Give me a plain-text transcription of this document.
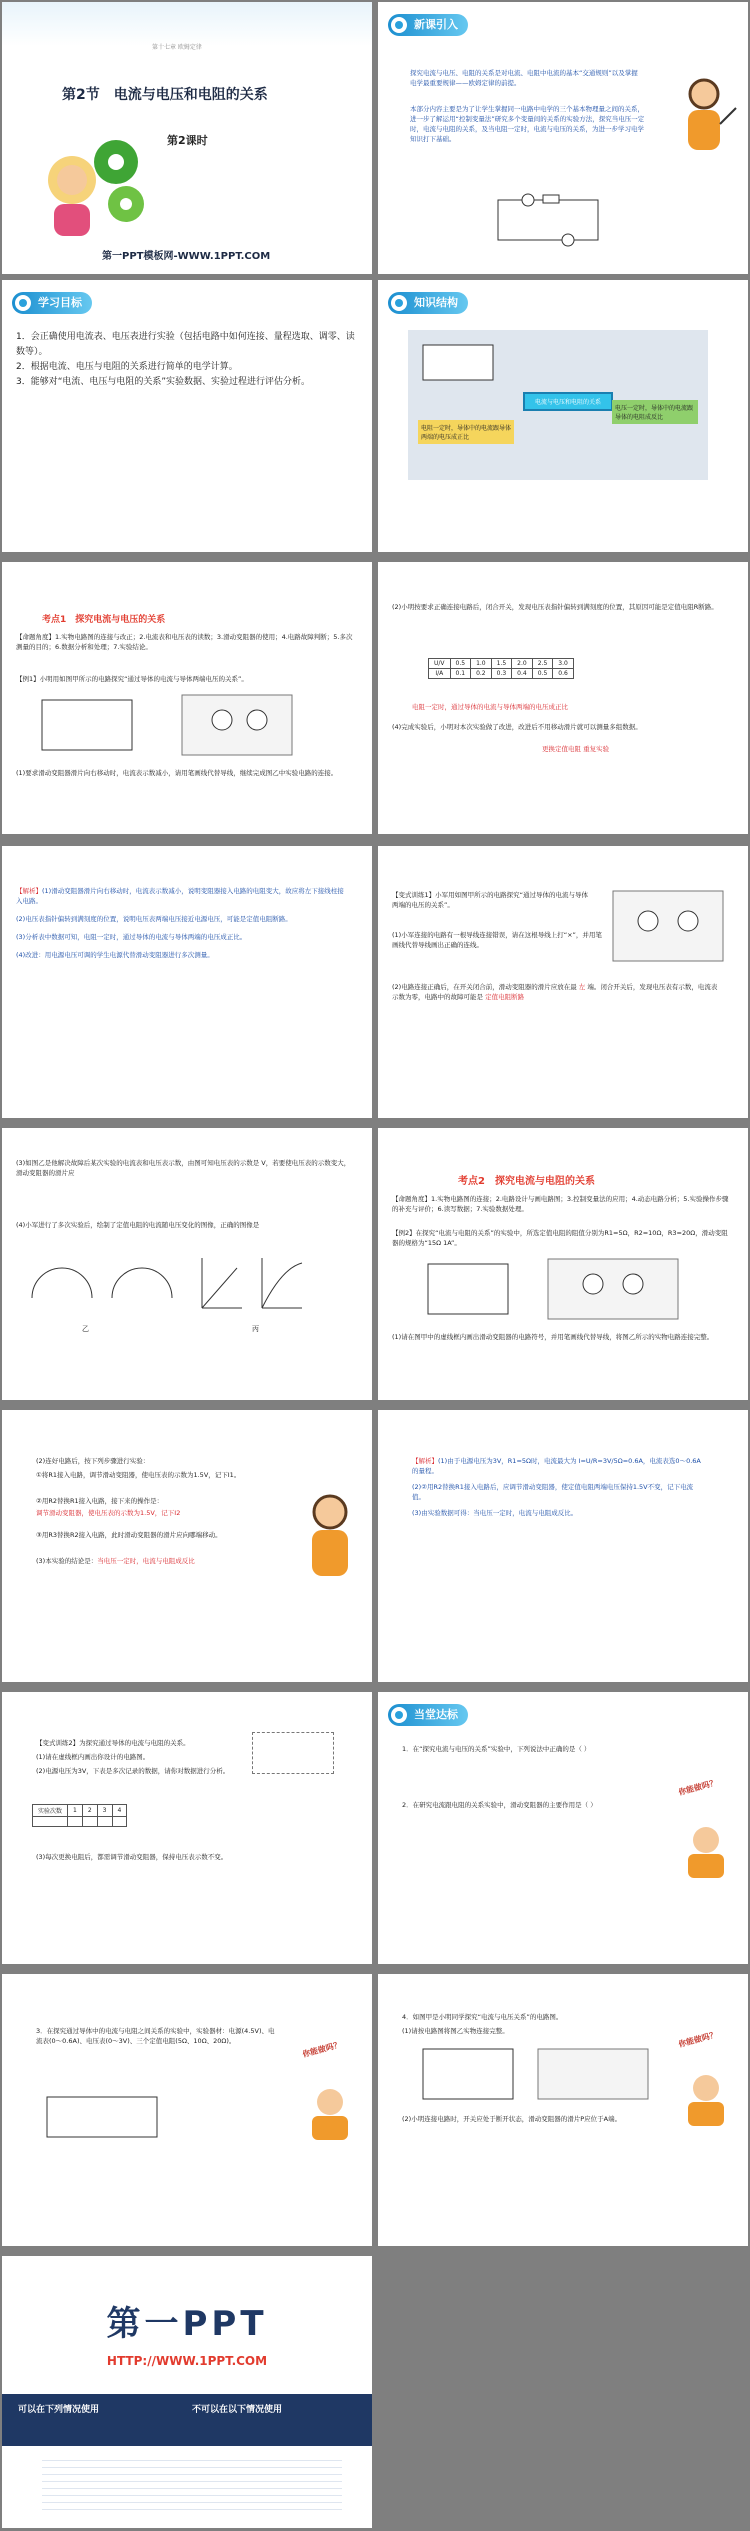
第十七章 欧姆定律
第2节　电流与电压和电阻的关系
第2课时
第一PPT模板网-WWW.1PPT.COM
新课引入
探究电流与电压、电阻的关系是对电流、电阻中电流的基本“交通规则”以及掌握电学最重要规律——欧姆定律的前提。
本部分内容主要是为了让学生掌握同一电路中电学的三个基本物理量之间的关系，进一步了解运用“控制变量法”研究多个变量间的关系的实验方法，探究当电压一定时，电流与电阻的关系，及当电阻一定时，电流与电压的关系，为进一步学习电学知识打下基础。
学习目标
1．会正确使用电流表、电压表进行实验（包括电路中如何连接、量程选取、调零、读数等）。
2．根据电流、电压与电阻的关系进行简单的电学计算。
3．能够对“电流、电压与电阻的关系”实验数据、实验过程进行评估分析。
知识结构
电流与电压和电阻的关系
电阻一定时，导体中的电流跟导体两端的电压成正比
电压一定时，导体中的电流跟导体的电阻成反比
考点1　探究电流与电压的关系
【命题角度】1.实物电路图的连接与改正；2.电流表和电压表的读数；3.滑动变阻器的使用；4.电路故障判断；5.多次测量的目的；6.数据分析和处理；7.实验结论。
【例1】小明用如图甲所示的电路探究“通过导体的电流与导体两端电压的关系”。
(1)要求滑动变阻器滑片向右移动时，电流表示数减小，请用笔画线代替导线，继续完成图乙中实验电路的连接。
(2)小明按要求正确连接电路后，闭合开关，发现电压表指针偏转到满刻度的位置，其原因可能是定值电阻R断路。
U/V	0.5	1.0	1.5	2.0	2.5	3.0
I/A	0.1	0.2	0.3	0.4	0.5	0.6
电阻一定时，通过导体的电流与导体两端的电压成正比
(4)完成实验后，小明对本次实验做了改进，改进后不用移动滑片就可以测量多组数据。
更换定值电阻 重复实验
【解析】(1)滑动变阻器滑片向右移动时，电流表示数减小，说明变阻器接入电路的电阻变大，故应将左下接线柱接入电路。
(2)电压表指针偏转到满刻度的位置，说明电压表两端电压接近电源电压，可能是定值电阻断路。
(3)分析表中数据可知，电阻一定时，通过导体的电流与导体两端的电压成正比。
(4)改进：用电源电压可调的学生电源代替滑动变阻器进行多次测量。
【变式训练1】小军用如图甲所示的电路探究“通过导体的电流与导体两端的电压的关系”。
(1)小军连接的电路有一根导线连接错误，请在这根导线上打“×”，并用笔画线代替导线画出正确的连线。
(2)电路连接正确后，在开关闭合前，滑动变阻器的滑片应放在最 左 端。闭合开关后，发现电压表有示数，电流表示数为零，电路中的故障可能是 定值电阻断路
(3)如图乙是他解决故障后某次实验的电流表和电压表示数，由图可知电压表的示数是 V，若要使电压表的示数变大，滑动变阻器的滑片应
(4)小军进行了多次实验后，绘制了定值电阻的电流随电压变化的图像，正确的图像是
乙	丙
考点2　探究电流与电阻的关系
【命题角度】1.实物电路图的连接；2.电路设计与画电路图；3.控制变量法的应用；4.动态电路分析；5.实验操作步骤的补充与评价；6.读写数据；7.实验数据处理。
【例2】在探究“电流与电阻的关系”的实验中，所选定值电阻的阻值分别为R1=5Ω，R2=10Ω，R3=20Ω，滑动变阻器的规格为“15Ω 1A”。
(1)请在图甲中的虚线框内画出滑动变阻器的电路符号，并用笔画线代替导线，将图乙所示的实物电路连接完整。
(2)连好电路后，按下列步骤进行实验：
①将R1接入电路，调节滑动变阻器，使电压表的示数为1.5V，记下I1。
②用R2替换R1接入电路，接下来的操作是：
调节滑动变阻器，使电压表的示数为1.5V，记下I2
③用R3替换R2接入电路，此时滑动变阻器的滑片应向哪端移动。
(3)本实验的结论是：当电压一定时，电流与电阻成反比
【解析】(1)由于电源电压为3V，R1=5Ω时，电流最大为 I=U/R=3V/5Ω=0.6A，电流表选0～0.6A的量程。
(2)②用R2替换R1接入电路后，应调节滑动变阻器，使定值电阻两端电压保持1.5V不变，记下电流值。
(3)由实验数据可得：当电压一定时，电流与电阻成反比。
【变式训练2】为探究通过导体的电流与电阻的关系。
(1)请在虚线框内画出你设计的电路图。
(2)电源电压为3V，下表是多次记录的数据，请你对数据进行分析。
实验次数	1	2	3	4

(3)每次更换电阻后，都需调节滑动变阻器，保持电压表示数不变。
当堂达标
1．在“探究电流与电压的关系”实验中，下列说法中正确的是（ ）
2．在研究电流跟电阻的关系实验中，滑动变阻器的主要作用是（ ）
你能做吗？
3．在探究通过导体中的电流与电阻之间关系的实验中，实验器材：电源(4.5V)、电流表(0～0.6A)、电压表(0～3V)、三个定值电阻(5Ω、10Ω、20Ω)。	你能做吗？
4．如图甲是小明同学探究“电流与电压关系”的电路图。
(1)请按电路图将图乙实物连接完整。
(2)小明连接电路时，开关应处于断开状态，滑动变阻器的滑片P应位于A端。
你能做吗？
第一PPT
HTTP://WWW.1PPT.COM
可以在下列情况使用	不可以在以下情况使用
